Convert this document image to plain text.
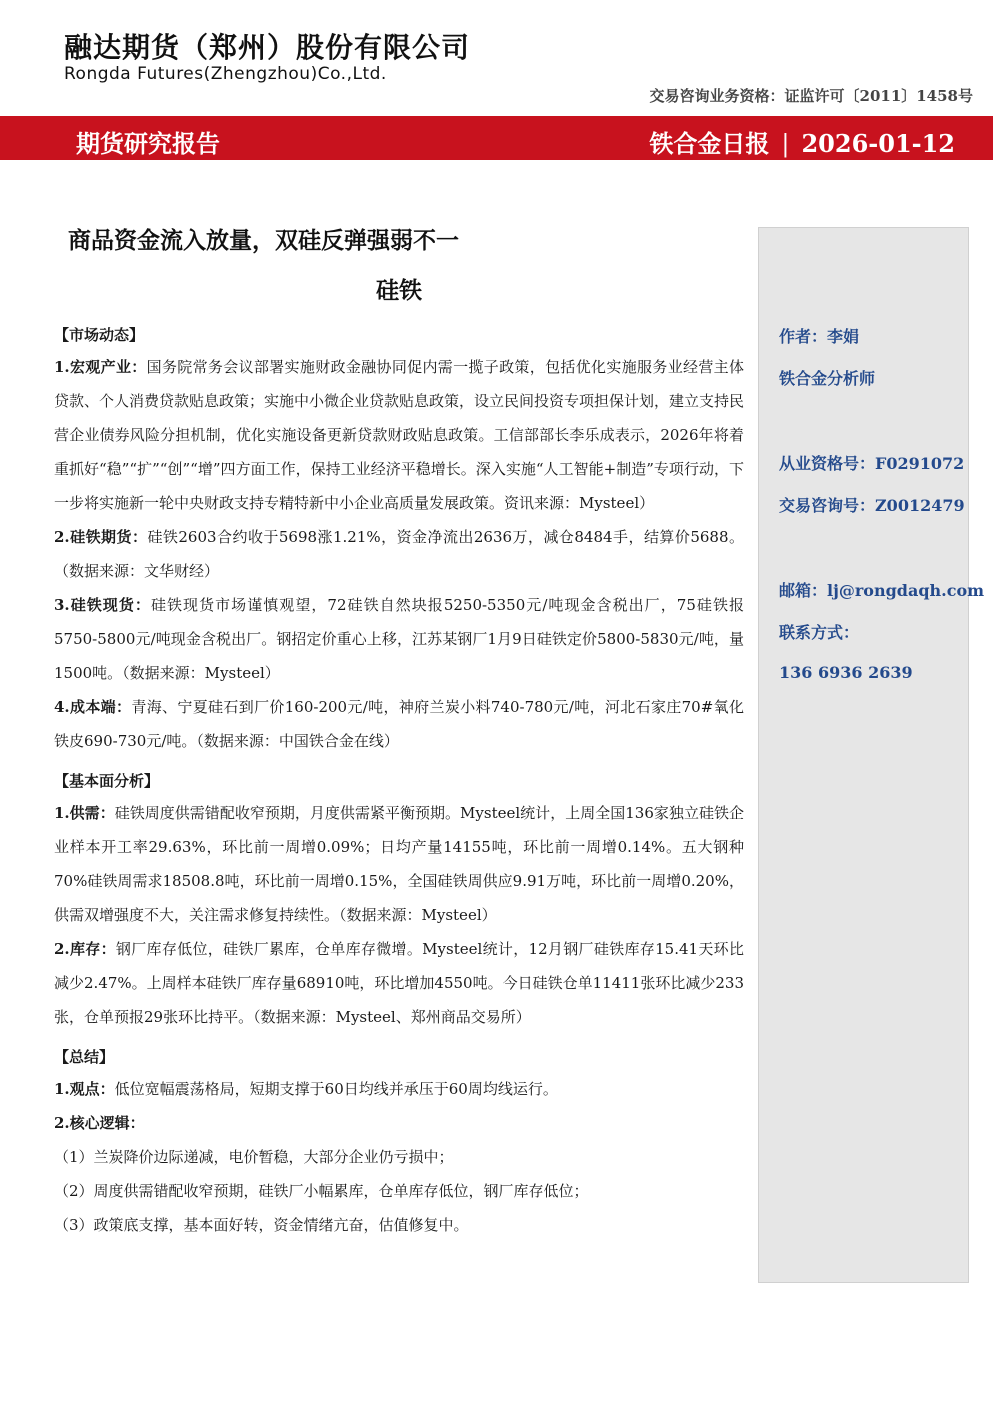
融达期货（郑州）股份有限公司
Rongda Futures(Zhengzhou)Co.,Ltd.
交易咨询业务资格：证监许可〔2011〕1458号
期货研究报告	铁合金日报 | 2026-01-12
作者：李娟
铁合金分析师
从业资格号：F0291072
交易咨询号：Z0012479
邮箱：lj@rongdaqh.com
联系方式：
136 6936 2639
商品资金流入放量，双硅反弹强弱不一
硅铁
【市场动态】

1.宏观产业：国务院常务会议部署实施财政金融协同促内需一揽子政策，包括优化实施服务业经营主体贷款、个人消费贷款贴息政策；实施中小微企业贷款贴息政策，设立民间投资专项担保计划，建立支持民营企业债券风险分担机制，优化实施设备更新贷款财政贴息政策。工信部部长李乐成表示，2026年将着重抓好“稳”“扩”“创”“增”四方面工作，保持工业经济平稳增长。深入实施“人工智能+制造”专项行动，下一步将实施新一轮中央财政支持专精特新中小企业高质量发展政策。资讯来源：Mysteel）

2.硅铁期货：硅铁2603合约收于5698涨1.21%，资金净流出2636万，减仓8484手，结算价5688。（数据来源：文华财经）

3.硅铁现货：硅铁现货市场谨慎观望，72硅铁自然块报5250-5350元/吨现金含税出厂，75硅铁报5750-5800元/吨现金含税出厂。钢招定价重心上移，江苏某钢厂1月9日硅铁定价5800-5830元/吨，量1500吨。（数据来源：Mysteel）

4.成本端：青海、宁夏硅石到厂价160-200元/吨，神府兰炭小料740-780元/吨，河北石家庄70#氧化铁皮690-730元/吨。（数据来源：中国铁合金在线）

【基本面分析】

1.供需：硅铁周度供需错配收窄预期，月度供需紧平衡预期。Mysteel统计，上周全国136家独立硅铁企业样本开工率29.63%，环比前一周增0.09%；日均产量14155吨，环比前一周增0.14%。五大钢种70%硅铁周需求18508.8吨，环比前一周增0.15%，全国硅铁周供应9.91万吨，环比前一周增0.20%，供需双增强度不大，关注需求修复持续性。（数据来源：Mysteel）

2.库存：钢厂库存低位，硅铁厂累库，仓单库存微增。Mysteel统计，12月钢厂硅铁库存15.41天环比减少2.47%。上周样本硅铁厂库存量68910吨，环比增加4550吨。今日硅铁仓单11411张环比减少233张，仓单预报29张环比持平。（数据来源：Mysteel、郑州商品交易所）

【总结】

1.观点：低位宽幅震荡格局，短期支撑于60日均线并承压于60周均线运行。

2.核心逻辑：

（1）兰炭降价边际递减，电价暂稳，大部分企业仍亏损中；

（2）周度供需错配收窄预期，硅铁厂小幅累库，仓单库存低位，钢厂库存低位；

（3）政策底支撑，基本面好转，资金情绪亢奋，估值修复中。
